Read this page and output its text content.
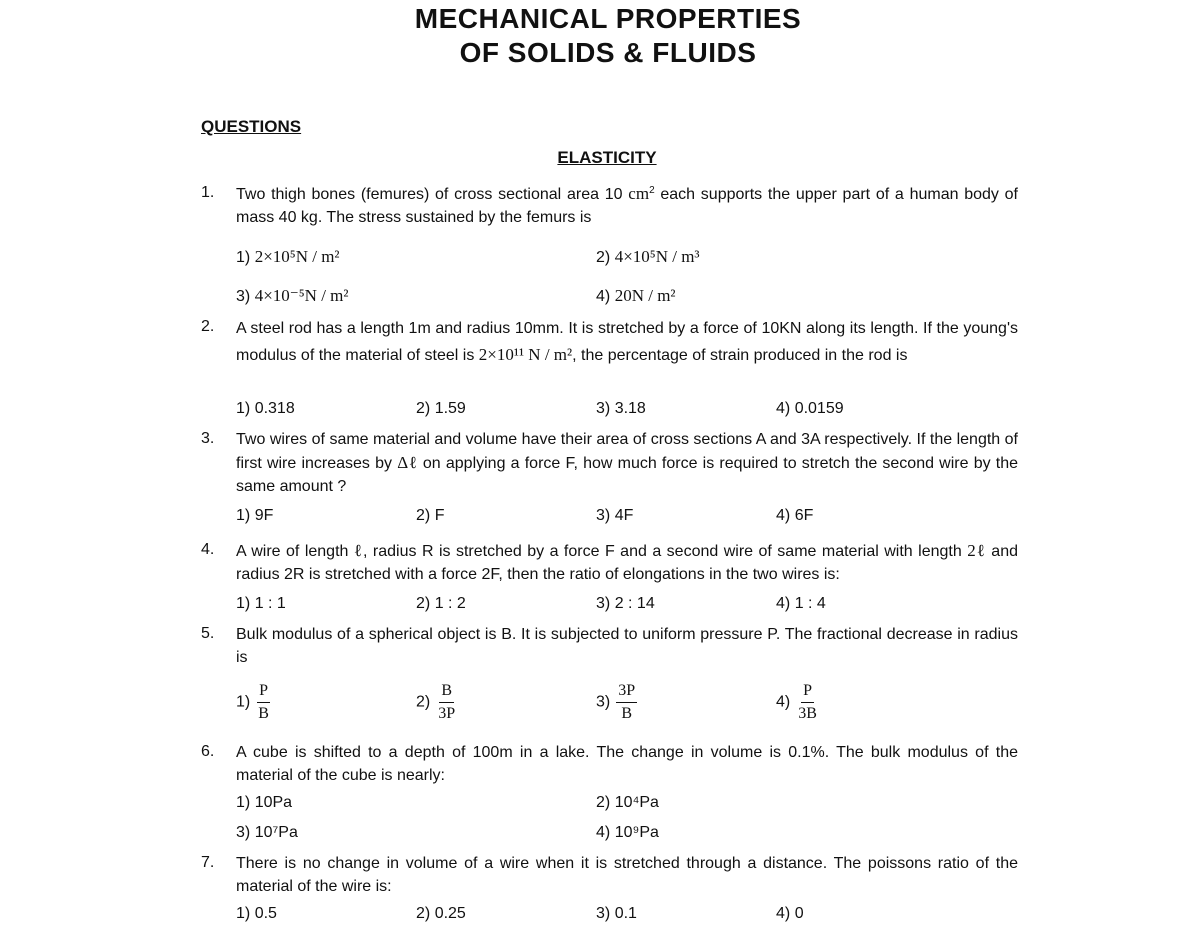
MECHANICAL PROPERTIES
OF SOLIDS & FLUIDS
QUESTIONS
ELASTICITY
1. Two thigh bones (femures) of cross sectional area 10 $cm^2$ each supports the upper part of a human body of mass 40 kg. The stress sustained by the femurs is
1) 2×10⁵N / m²	2) 4×10⁵N / m³
3) 4×10⁻⁵N / m²	4) 20N / m²
2. A steel rod has a length 1m and radius 10mm. It is stretched by a force of 10KN along its length. If the young's modulus of the material of steel is 2×10¹¹ N / m², the percentage of strain produced in the rod is
1) 0.318	2) 1.59	3) 3.18	4) 0.0159
3. Two wires of same material and volume have their area of cross sections A and 3A respectively. If the length of first wire increases by Δℓ on applying a force F, how much force is required to stretch the second wire by the same amount ?
1) 9F	2) F	3) 4F	4) 6F
4. A wire of length ℓ, radius R is stretched by a force F and a second wire of same material with length 2ℓ and radius 2R is stretched with a force 2F, then the ratio of elongations in the two wires is:
1) 1 : 1	2) 1 : 2	3) 2 : 14	4) 1 : 4
5. Bulk modulus of a spherical object is B. It is subjected to uniform pressure P. The fractional decrease in radius is
$1) \frac{P}{B}$	$2) \frac{B}{3P}$	$3) \frac{3P}{B}$	$4) \frac{P}{3B}$
6. A cube is shifted to a depth of 100m in a lake. The change in volume is 0.1%. The bulk modulus of the material of the cube is nearly:
1) 10Pa	2) 10⁴Pa
3) 10⁷Pa	4) 10⁹Pa
7. There is no change in volume of a wire when it is stretched through a distance. The poissons ratio of the material of the wire is:
1) 0.5	2) 0.25	3) 0.1	4) 0
